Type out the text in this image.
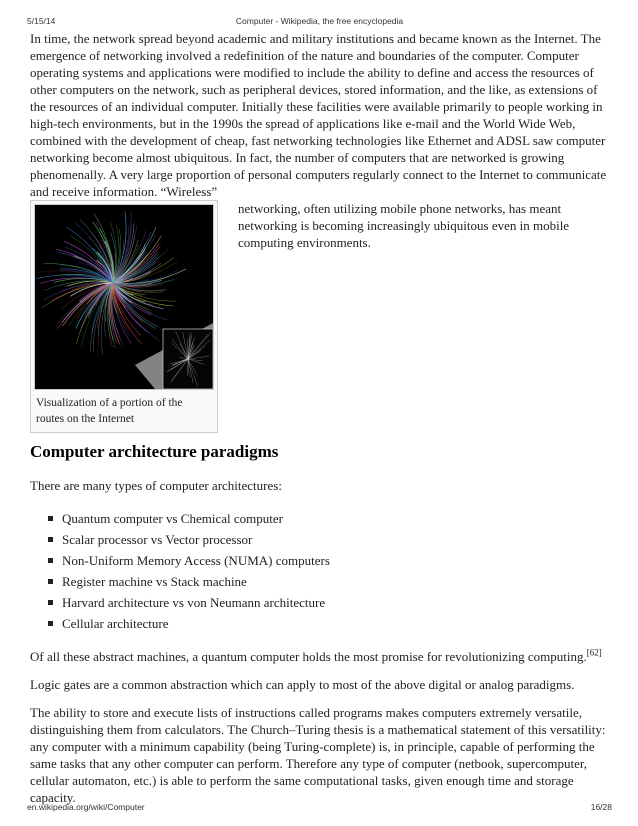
5/15/14	Computer - Wikipedia, the free encyclopedia

In time, the network spread beyond academic and military institutions and became known as the Internet. The emergence of networking involved a redefinition of the nature and boundaries of the computer. Computer operating systems and applications were modified to include the ability to define and access the resources of other computers on the network, such as peripheral devices, stored information, and the like, as extensions of the resources of an individual computer. Initially these facilities were available primarily to people working in high-tech environments, but in the 1990s the spread of applications like e-mail and the World Wide Web, combined with the development of cheap, fast networking technologies like Ethernet and ADSL saw computer networking become almost ubiquitous. In fact, the number of computers that are networked is growing phenomenally. A very large proportion of personal computers regularly connect to the Internet to communicate and receive information. “Wireless”

Visualization of a portion of the routes on the Internet
networking, often utilizing mobile phone networks, has meant networking is becoming increasingly ubiquitous even in mobile computing environments.
Computer architecture paradigms

There are many types of computer architectures:

Quantum computer vs Chemical computer
Scalar processor vs Vector processor
Non-Uniform Memory Access (NUMA) computers
Register machine vs Stack machine
Harvard architecture vs von Neumann architecture
Cellular architecture

Of all these abstract machines, a quantum computer holds the most promise for revolutionizing computing.[62]

Logic gates are a common abstraction which can apply to most of the above digital or analog paradigms.

The ability to store and execute lists of instructions called programs makes computers extremely versatile, distinguishing them from calculators. The Church–Turing thesis is a mathematical statement of this versatility: any computer with a minimum capability (being Turing-complete) is, in principle, capable of performing the same tasks that any other computer can perform. Therefore any type of computer (netbook, supercomputer, cellular automaton, etc.) is able to perform the same computational tasks, given enough time and storage capacity.

en.wikipedia.org/wiki/Computer	16/28
